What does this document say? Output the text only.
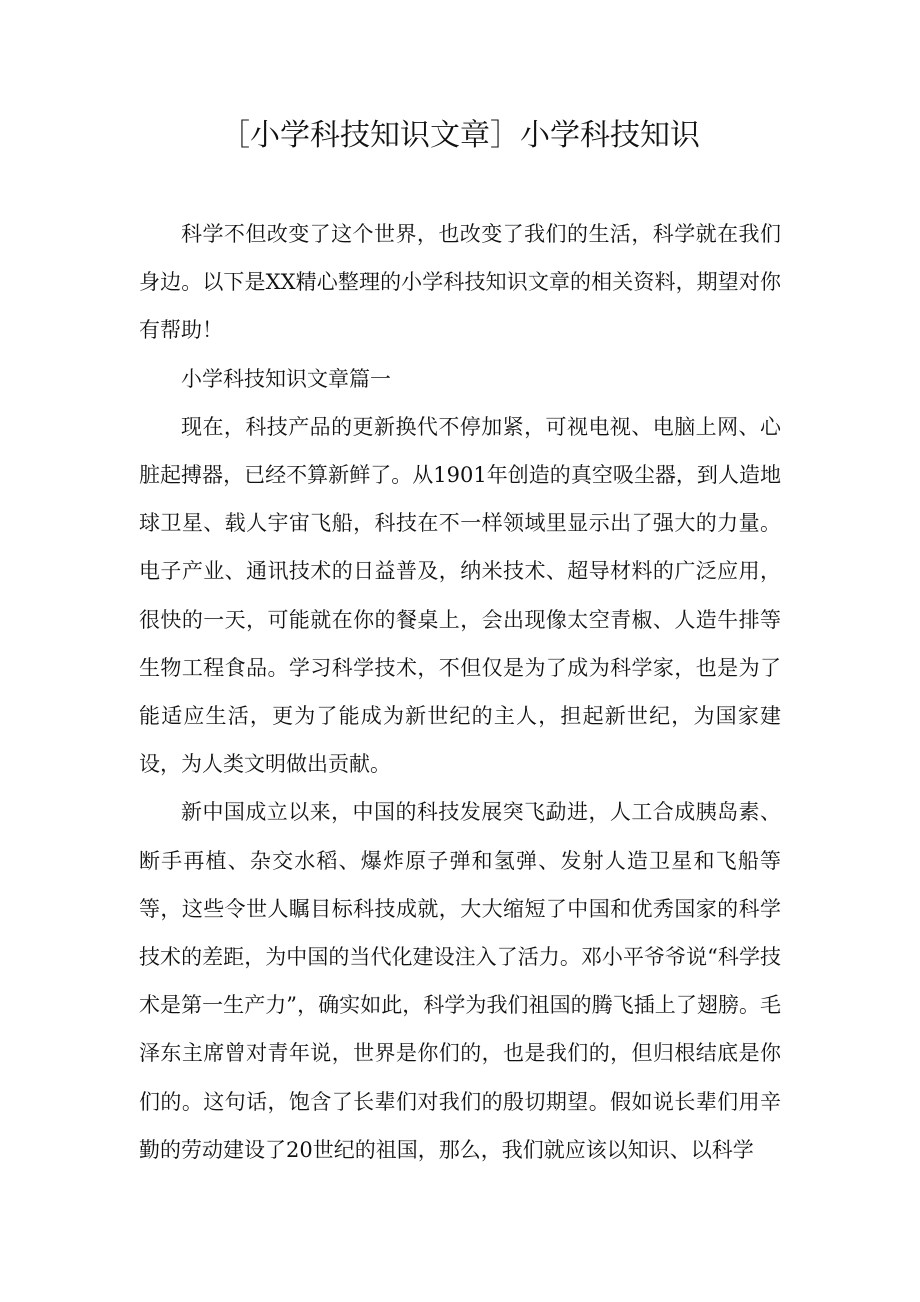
［小学科技知识文章］小学科技知识

科学不但改变了这个世界，也改变了我们的生活，科学就在我们身边。以下是XX精心整理的小学科技知识文章的相关资料，期望对你有帮助！

小学科技知识文章篇一

现在，科技产品的更新换代不停加紧，可视电视、电脑上网、心脏起搏器，已经不算新鲜了。从1901年创造的真空吸尘器，到人造地球卫星、载人宇宙飞船，科技在不一样领域里显示出了强大的力量。电子产业、通讯技术的日益普及，纳米技术、超导材料的广泛应用，很快的一天，可能就在你的餐桌上，会出现像太空青椒、人造牛排等生物工程食品。学习科学技术，不但仅是为了成为科学家，也是为了能适应生活，更为了能成为新世纪的主人，担起新世纪，为国家建设，为人类文明做出贡献。

新中国成立以来，中国的科技发展突飞勐进，人工合成胰岛素、断手再植、杂交水稻、爆炸原子弹和氢弹、发射人造卫星和飞船等等，这些令世人瞩目标科技成就，大大缩短了中国和优秀国家的科学技术的差距，为中国的当代化建设注入了活力。邓小平爷爷说“科学技术是第一生产力”，确实如此，科学为我们祖国的腾飞插上了翅膀。毛泽东主席曾对青年说，世界是你们的，也是我们的，但归根结底是你们的。这句话，饱含了长辈们对我们的殷切期望。假如说长辈们用辛勤的劳动建设了20世纪的祖国，那么，我们就应该以知识、以科学
